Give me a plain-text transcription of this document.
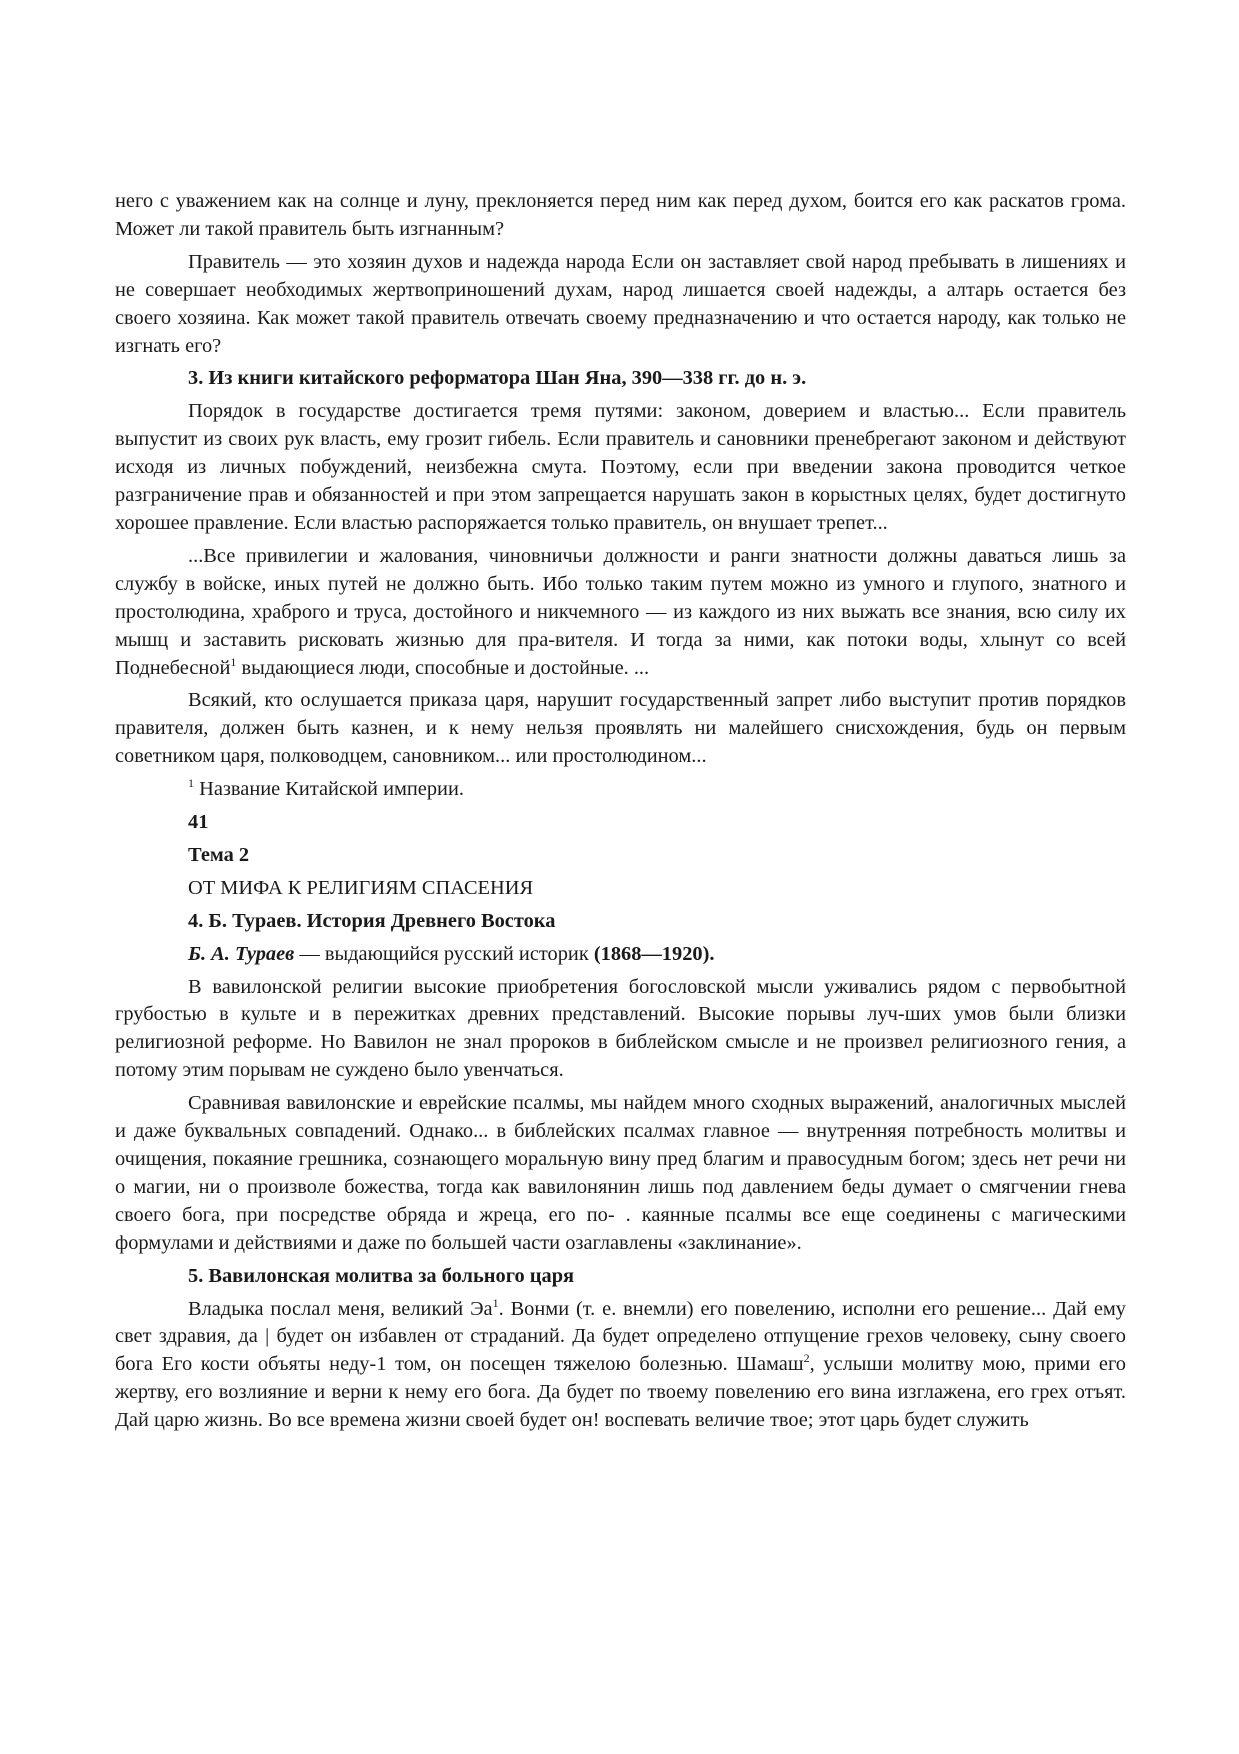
него с уважением как на солнце и луну, преклоняется перед ним как перед духом, боится его как раскатов грома. Может ли такой правитель быть изгнанным?

Правитель — это хозяин духов и надежда народа Если он заставляет свой народ пребывать в лишениях и не совершает необходимых жертвоприношений духам, народ лишается своей надежды, а алтарь остается без своего хозяина. Как может такой правитель отвечать своему предназначению и что остается народу, как только не изгнать его?

3. Из книги китайского реформатора Шан Яна, 390—338 гг. до н. э.

Порядок в государстве достигается тремя путями: законом, доверием и властью... Если правитель выпустит из своих рук власть, ему грозит гибель. Если правитель и сановники пренебрегают законом и действуют исходя из личных побуждений, неизбежна смута. Поэтому, если при введении закона проводится четкое разграничение прав и обязанностей и при этом запрещается нарушать закон в корыстных целях, будет достигнуто хорошее правление. Если властью распоряжается только правитель, он внушает трепет...

...Все привилегии и жалования, чиновничьи должности и ранги знатности должны даваться лишь за службу в войске, иных путей не должно быть. Ибо только таким путем можно из умного и глупого, знатного и простолюдина, храброго и труса, достойного и никчемного — из каждого из них выжать все знания, всю силу их мышц и заставить рисковать жизнью для пра-вителя. И тогда за ними, как потоки воды, хлынут со всей Поднебесной$^1$ выдающиеся люди, способные и достойные. ...

Всякий, кто ослушается приказа царя, нарушит государственный запрет либо выступит против порядков правителя, должен быть казнен, и к нему нельзя проявлять ни малейшего снисхождения, будь он первым советником царя, полководцем, сановником... или простолюдином...

$^1$ Название Китайской империи.

41

Тема 2

ОТ МИФА К РЕЛИГИЯМ СПАСЕНИЯ

4. Б. Тураев. История Древнего Востока

Б. А. Тураев — выдающийся русский историк (1868—1920).

В вавилонской религии высокие приобретения богословской мысли уживались рядом с первобытной грубостью в культе и в пережитках древних представлений. Высокие порывы луч-ших умов были близки религиозной реформе. Но Вавилон не знал пророков в библейском смысле и не произвел религиозного гения, а потому этим порывам не суждено было увенчаться.

Сравнивая вавилонские и еврейские псалмы, мы найдем много сходных выражений, аналогичных мыслей и даже буквальных совпадений. Однако... в библейских псалмах главное — внутренняя потребность молитвы и очищения, покаяние грешника, сознающего моральную вину пред благим и правосудным богом; здесь нет речи ни о магии, ни о произволе божества, тогда как вавилонянин лишь под давлением беды думает о смягчении гнева своего бога, при посредстве обряда и жреца, его по- . каянные псалмы все еще соединены с магическими формулами и действиями и даже по большей части озаглавлены «заклинание».

5. Вавилонская молитва за больного царя

Владыка послал меня, великий Эа$^1$. Вонми (т. е. внемли) его повелению, исполни его решение... Дай ему свет здравия, да | будет он избавлен от страданий. Да будет определено отпущение грехов человеку, сыну своего бога Его кости объяты неду-1 том, он посещен тяжелою болезнью. Шамаш$^2$, услыши молитву мою, прими его жертву, его возлияние и верни к нему его бога. Да будет по твоему повелению его вина изглажена, его грех отъят. Дай царю жизнь. Во все времена жизни своей будет он! воспевать величие твое; этот царь будет служить
